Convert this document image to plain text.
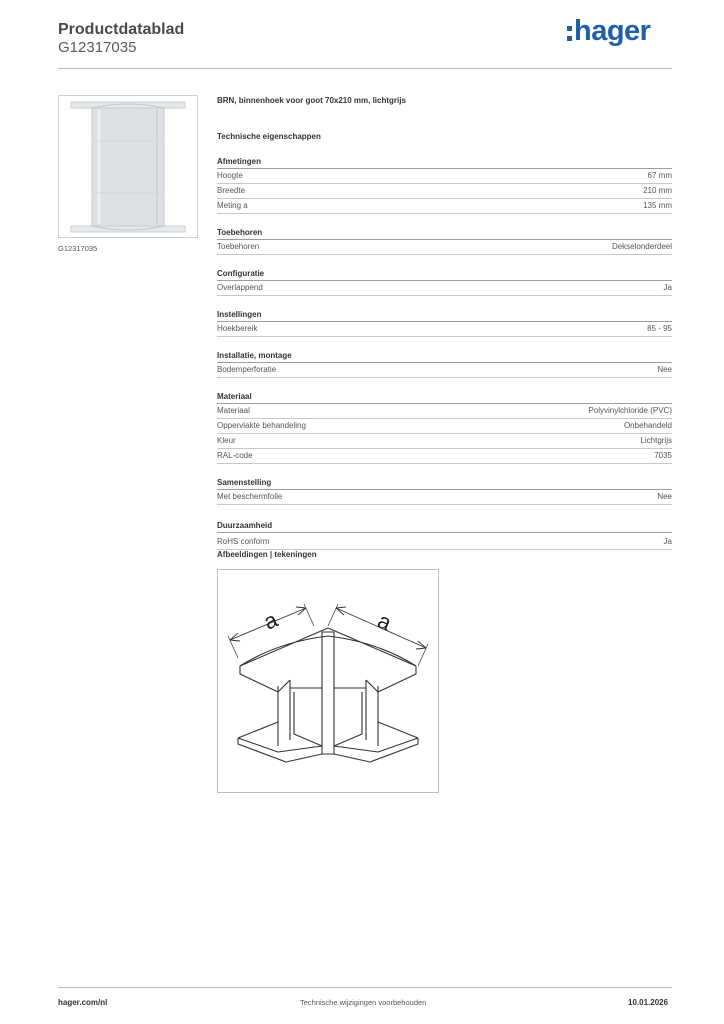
Productdatablad
G12317035
hager
G12317035
BRN, binnenhoek voor goot 70x210 mm, lichtgrijs
Technische eigenschappen
Afmetingen
Hoogte	67 mm
Breedte	210 mm
Meting a	135 mm
Toebehoren
Toebehoren	Dekselonderdeel
Configuratie
Overlappend	Ja
Instellingen
Hoekbereik	85 - 95
Installatie, montage
Bodemperforatie	Nee
Materiaal
Materiaal	Polyvinylchloride (PVC)
Oppervlakte behandeling	Onbehandeld
Kleur	Lichtgrijs
RAL-code	7035
Samenstelling
Met beschermfolie	Nee
Duurzaamheid
RoHS conform	Ja
Afbeeldingen | tekeningen
a	a
hager.com/nl	Technische wijzigingen voorbehouden	10.01.2026
